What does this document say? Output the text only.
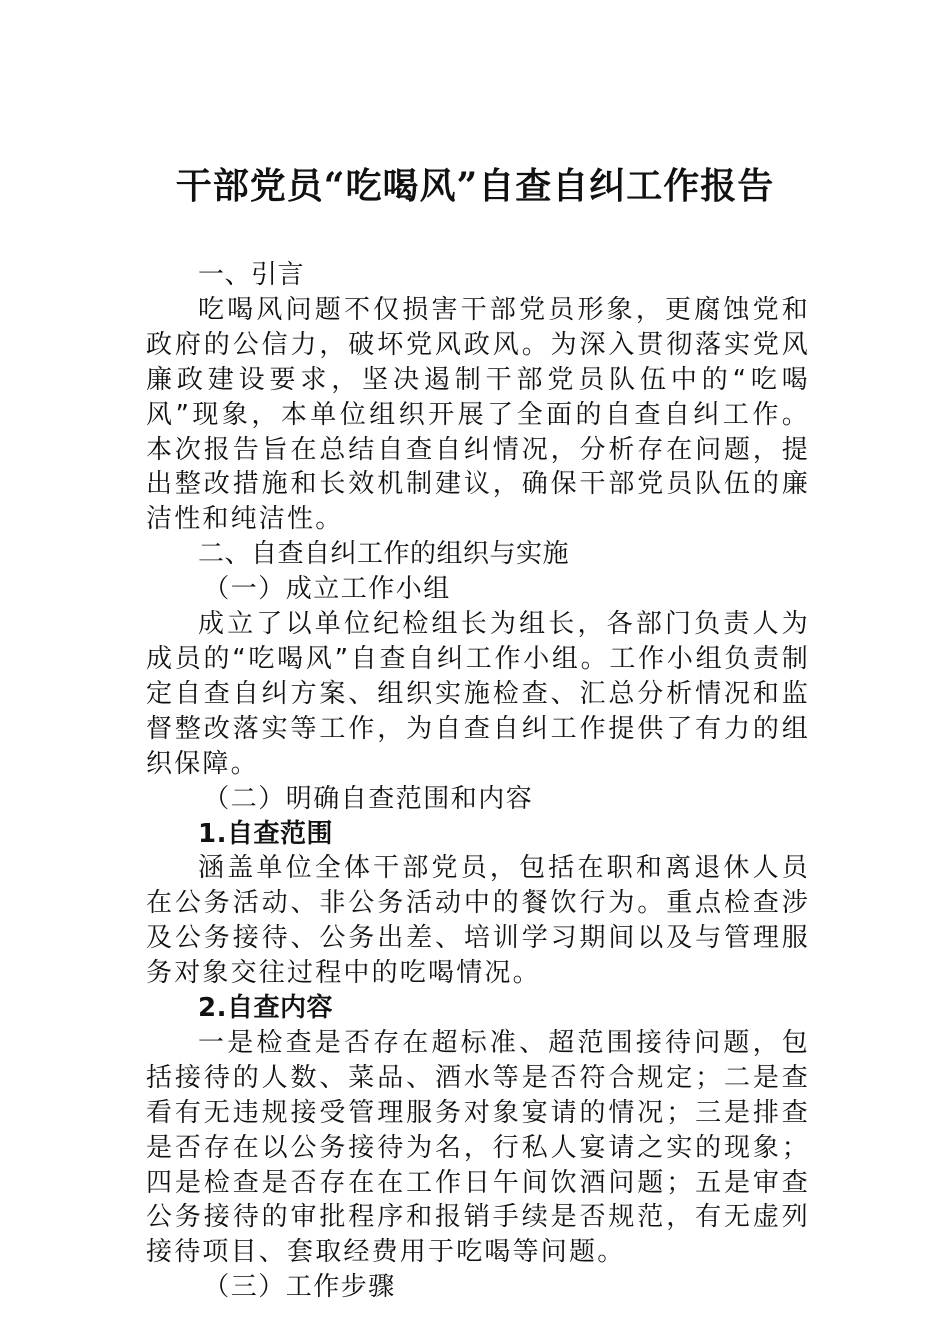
干部党员“吃喝风”自查自纠工作报告
一、引言

吃喝风问题不仅损害干部党员形象，更腐蚀党和政府的公信力，破坏党风政风。为深入贯彻落实党风廉政建设要求，坚决遏制干部党员队伍中的“吃喝风”现象，本单位组织开展了全面的自查自纠工作。本次报告旨在总结自查自纠情况，分析存在问题，提出整改措施和长效机制建议，确保干部党员队伍的廉洁性和纯洁性。

二、自查自纠工作的组织与实施
（一）成立工作小组

成立了以单位纪检组长为组长，各部门负责人为成员的“吃喝风”自查自纠工作小组。工作小组负责制定自查自纠方案、组织实施检查、汇总分析情况和监督整改落实等工作，为自查自纠工作提供了有力的组织保障。

（二）明确自查范围和内容
1.自查范围

涵盖单位全体干部党员，包括在职和离退休人员在公务活动、非公务活动中的餐饮行为。重点检查涉及公务接待、公务出差、培训学习期间以及与管理服务对象交往过程中的吃喝情况。

2.自查内容

一是检查是否存在超标准、超范围接待问题，包括接待的人数、菜品、酒水等是否符合规定；二是查看有无违规接受管理服务对象宴请的情况；三是排查是否存在以公务接待为名，行私人宴请之实的现象；四是检查是否存在在工作日午间饮酒问题；五是审查公务接待的审批程序和报销手续是否规范，有无虚列接待项目、套取经费用于吃喝等问题。

（三）工作步骤
